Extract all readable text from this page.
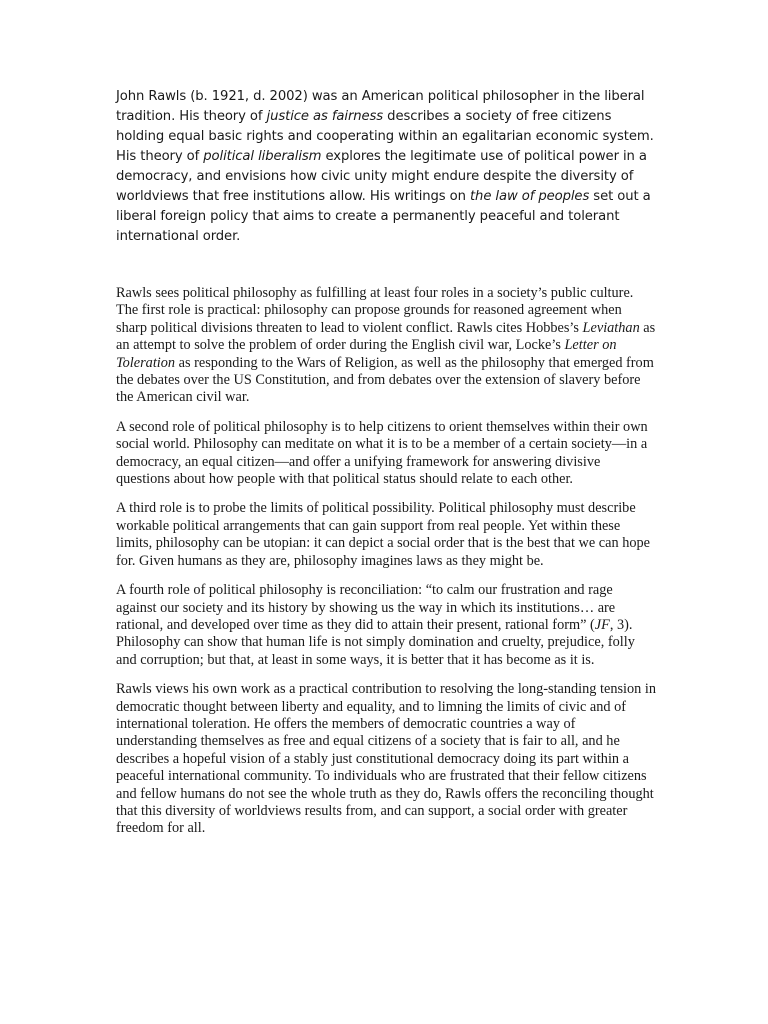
John Rawls (b. 1921, d. 2002) was an American political philosopher in the liberal tradition. His theory of justice as fairness describes a society of free citizens holding equal basic rights and cooperating within an egalitarian economic system. His theory of political liberalism explores the legitimate use of political power in a democracy, and envisions how civic unity might endure despite the diversity of worldviews that free institutions allow. His writings on the law of peoples set out a liberal foreign policy that aims to create a permanently peaceful and tolerant international order.

Rawls sees political philosophy as fulfilling at least four roles in a society’s public culture. The first role is practical: philosophy can propose grounds for reasoned agreement when sharp political divisions threaten to lead to violent conflict. Rawls cites Hobbes’s Leviathan as an attempt to solve the problem of order during the English civil war, Locke’s Letter on Toleration as responding to the Wars of Religion, as well as the philosophy that emerged from the debates over the US Constitution, and from debates over the extension of slavery before the American civil war.

A second role of political philosophy is to help citizens to orient themselves within their own social world. Philosophy can meditate on what it is to be a member of a certain society—in a democracy, an equal citizen—and offer a unifying framework for answering divisive questions about how people with that political status should relate to each other.

A third role is to probe the limits of political possibility. Political philosophy must describe workable political arrangements that can gain support from real people. Yet within these limits, philosophy can be utopian: it can depict a social order that is the best that we can hope for. Given humans as they are, philosophy imagines laws as they might be.

A fourth role of political philosophy is reconciliation: “to calm our frustration and rage against our society and its history by showing us the way in which its institutions… are rational, and developed over time as they did to attain their present, rational form” (JF, 3). Philosophy can show that human life is not simply domination and cruelty, prejudice, folly and corruption; but that, at least in some ways, it is better that it has become as it is.

Rawls views his own work as a practical contribution to resolving the long-standing tension in democratic thought between liberty and equality, and to limning the limits of civic and of international toleration. He offers the members of democratic countries a way of understanding themselves as free and equal citizens of a society that is fair to all, and he describes a hopeful vision of a stably just constitutional democracy doing its part within a peaceful international community. To individuals who are frustrated that their fellow citizens and fellow humans do not see the whole truth as they do, Rawls offers the reconciling thought that this diversity of worldviews results from, and can support, a social order with greater freedom for all.
